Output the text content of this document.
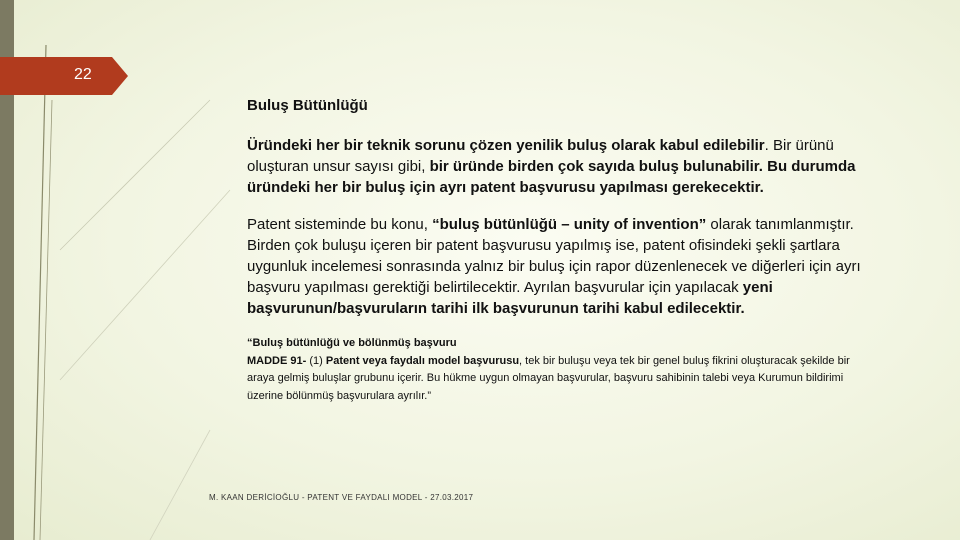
22

Buluş Bütünlüğü

Üründeki her bir teknik sorunu çözen yenilik buluş olarak kabul edilebilir. Bir ürünü oluşturan unsur sayısı gibi, bir üründe birden çok sayıda buluş bulunabilir. Bu durumda üründeki her bir buluş için ayrı patent başvurusu yapılması gerekecektir.

Patent sisteminde bu konu, “buluş bütünlüğü – unity of invention” olarak tanımlanmıştır. Birden çok buluşu içeren bir patent başvurusu yapılmış ise, patent ofisindeki şekli şartlara uygunluk incelemesi sonrasında yalnız bir buluş için rapor düzenlenecek ve diğerleri için ayrı başvuru yapılması gerektiği belirtilecektir. Ayrılan başvurular için yapılacak yeni başvurunun/başvuruların tarihi ilk başvurunun tarihi kabul edilecektir.

“Buluş bütünlüğü ve bölünmüş başvuru
MADDE 91- (1) Patent veya faydalı model başvurusu, tek bir buluşu veya tek bir genel buluş fikrini oluşturacak şekilde bir araya gelmiş buluşlar grubunu içerir. Bu hükme uygun olmayan başvurular, başvuru sahibinin talebi veya Kurumun bildirimi üzerine bölünmüş başvurulara ayrılır.”

M. KAAN DERİCİOĞLU - PATENT VE FAYDALI MODEL - 27.03.2017
